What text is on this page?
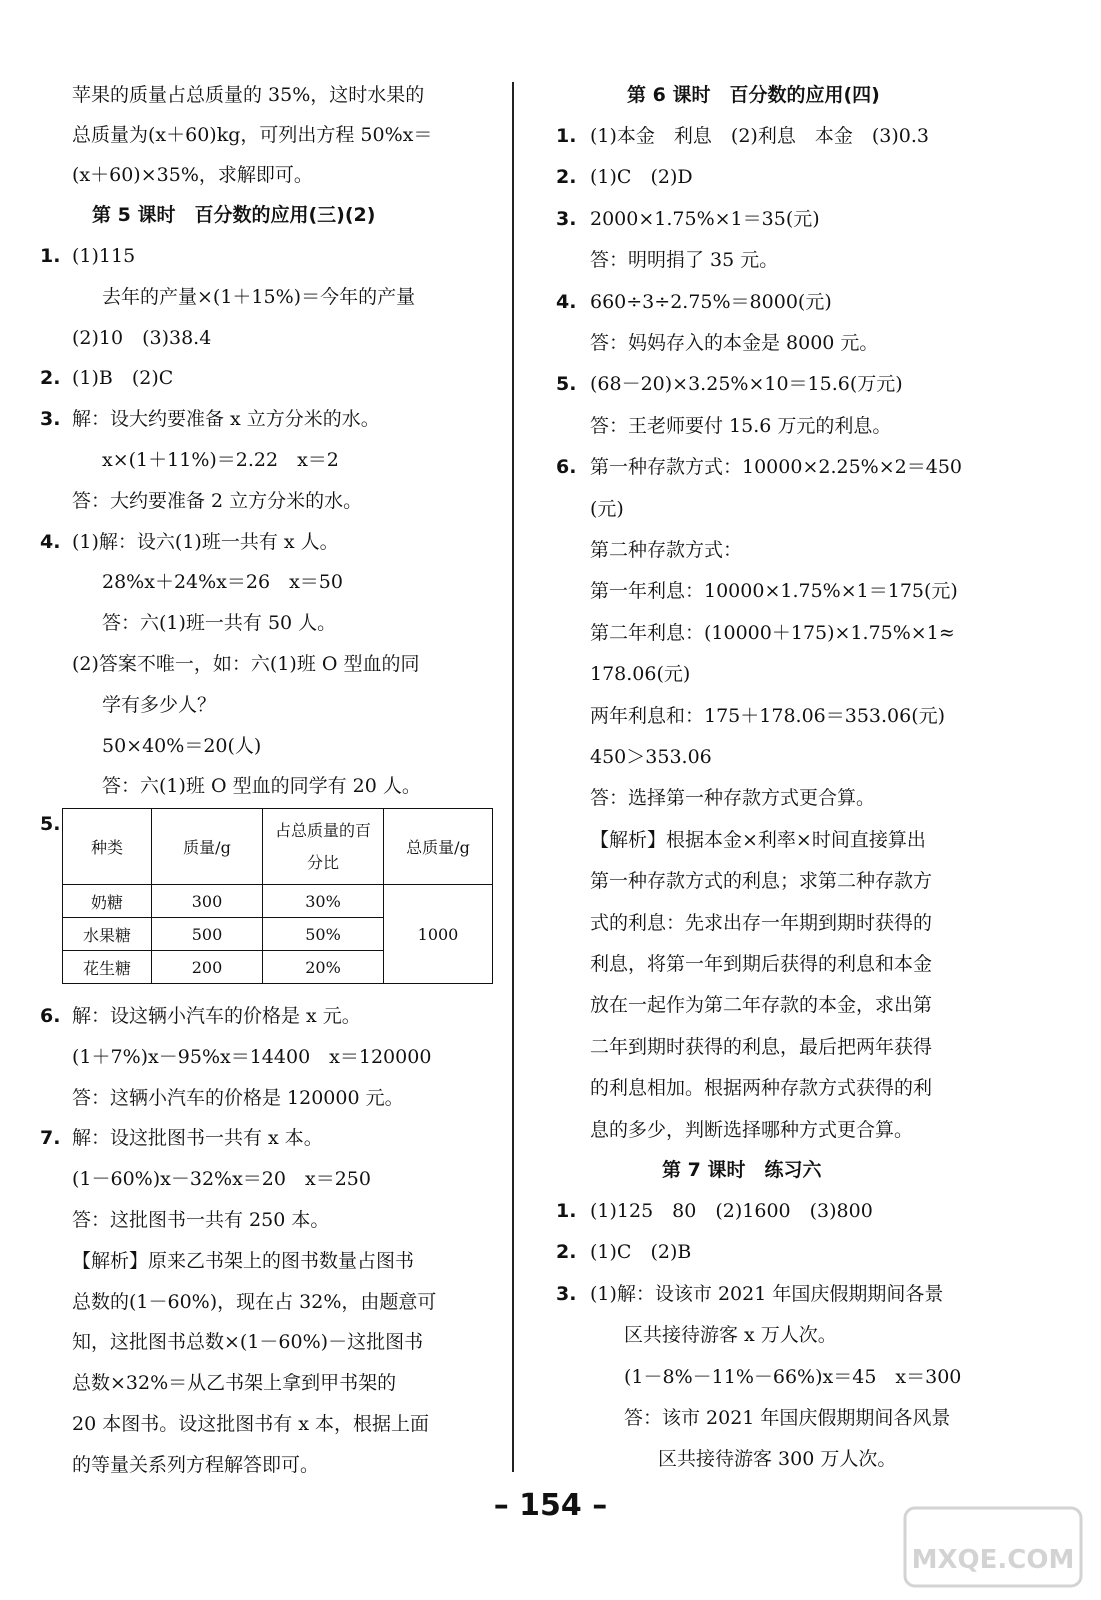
苹果的质量占总质量的 35%，这时水果的
总质量为(x＋60)kg，可列出方程 50%x＝
(x＋60)×35%，求解即可。
第 5 课时　百分数的应用(三)(2)
1. (1)115
去年的产量×(1＋15%)＝今年的产量
(2)10　(3)38.4
2. (1)B　(2)C
3. 解：设大约要准备 x 立方分米的水。
x×(1＋11%)＝2.22　x＝2
答：大约要准备 2 立方分米的水。
4. (1)解：设六(1)班一共有 x 人。
28%x＋24%x＝26　x＝50
答：六(1)班一共有 50 人。
(2)答案不唯一，如：六(1)班 O 型血的同
学有多少人？
50×40%＝20(人)
答：六(1)班 O 型血的同学有 20 人。
5.
种类	质量/g	占总质量的百分比	总质量/g
奶糖	300	30%	1000
水果糖	500	50%	
花生糖	200	20%	
6. 解：设这辆小汽车的价格是 x 元。
(1＋7%)x－95%x＝14400　x＝120000
答：这辆小汽车的价格是 120000 元。
7. 解：设这批图书一共有 x 本。
(1－60%)x－32%x＝20　x＝250
答：这批图书一共有 250 本。
【解析】原来乙书架上的图书数量占图书
总数的(1－60%)，现在占 32%，由题意可
知，这批图书总数×(1－60%)－这批图书
总数×32%＝从乙书架上拿到甲书架的
20 本图书。设这批图书有 x 本，根据上面
的等量关系列方程解答即可。
第 6 课时　百分数的应用(四)
1. (1)本金　利息　(2)利息　本金　(3)0.3
2. (1)C　(2)D
3. 2000×1.75%×1＝35(元)
答：明明捐了 35 元。
4. 660÷3÷2.75%＝8000(元)
答：妈妈存入的本金是 8000 元。
5. (68－20)×3.25%×10＝15.6(万元)
答：王老师要付 15.6 万元的利息。
6. 第一种存款方式：10000×2.25%×2＝450
(元)
第二种存款方式：
第一年利息：10000×1.75%×1＝175(元)
第二年利息：(10000＋175)×1.75%×1≈
178.06(元)
两年利息和：175＋178.06＝353.06(元)
450＞353.06
答：选择第一种存款方式更合算。
【解析】根据本金×利率×时间直接算出
第一种存款方式的利息；求第二种存款方
式的利息：先求出存一年期到期时获得的
利息，将第一年到期后获得的利息和本金
放在一起作为第二年存款的本金，求出第
二年到期时获得的利息，最后把两年获得
的利息相加。根据两种存款方式获得的利
息的多少，判断选择哪种方式更合算。
第 7 课时　练习六
1. (1)125　80　(2)1600　(3)800
2. (1)C　(2)B
3. (1)解：设该市 2021 年国庆假期期间各景
区共接待游客 x 万人次。
(1－8%－11%－66%)x＝45　x＝300
答：该市 2021 年国庆假期期间各风景
区共接待游客 300 万人次。
– 154 –
MXQE.COM
